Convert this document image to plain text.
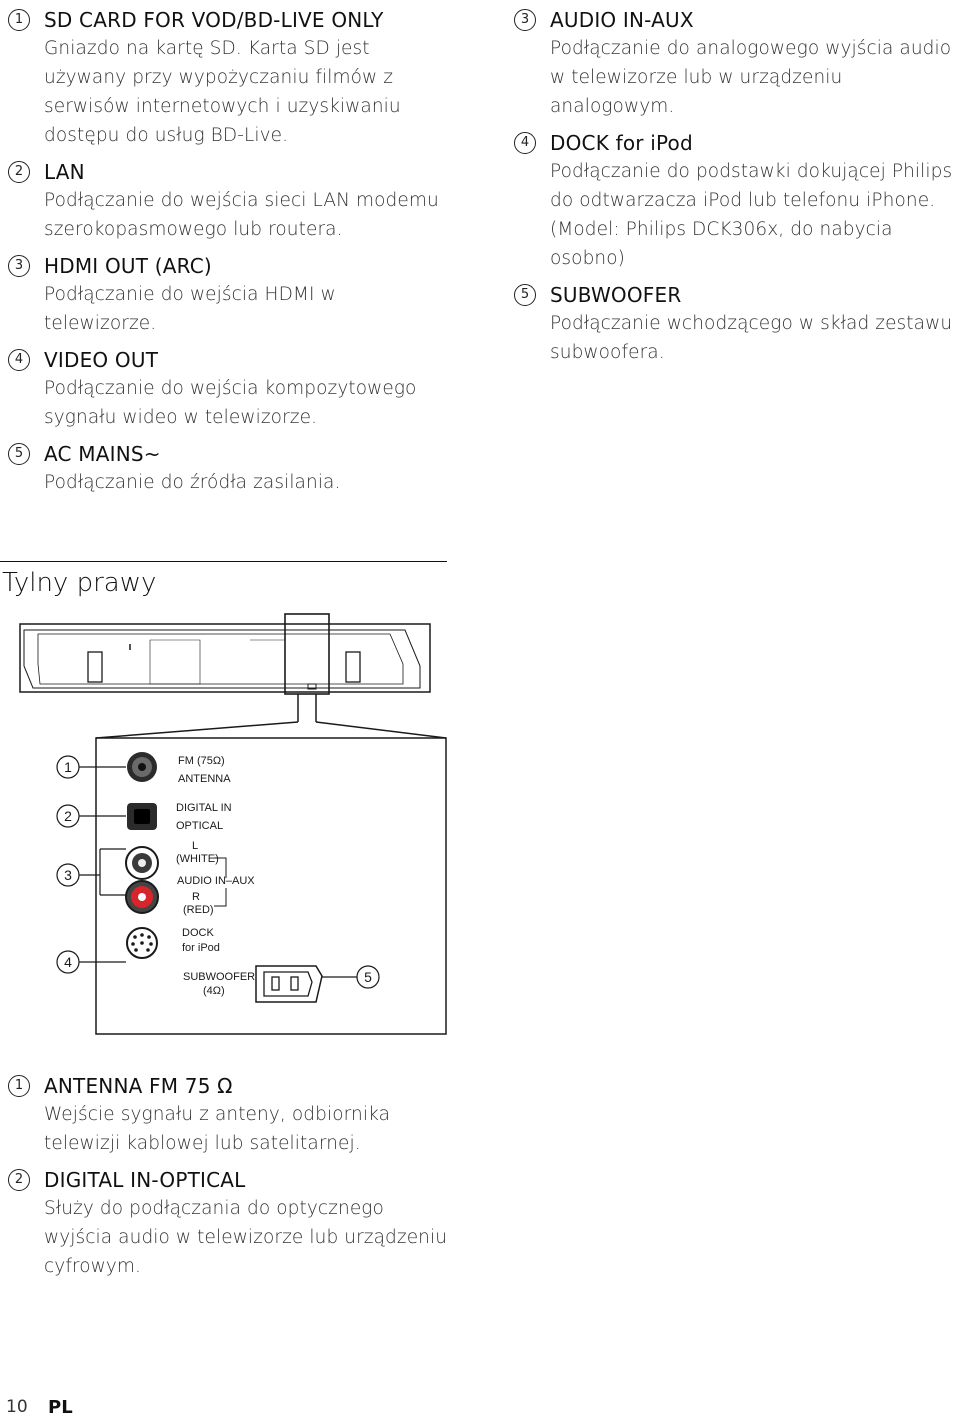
1	SD CARD FOR VOD/BD-LIVE ONLY
Gniazdo na kartę SD. Karta SD jest używany przy wypożyczaniu filmów z serwisów internetowych i uzyskiwaniu dostępu do usług BD-Live.
2	LAN
Podłączanie do wejścia sieci LAN modemu szerokopasmowego lub routera.
3	HDMI OUT (ARC)
Podłączanie do wejścia HDMI w telewizorze.
4	VIDEO OUT
Podłączanie do wejścia kompozytowego sygnału wideo w telewizorze.
5	AC MAINS~
Podłączanie do źródła zasilania.
3	AUDIO IN-AUX
Podłączanie do analogowego wyjścia audio w telewizorze lub w urządzeniu analogowym.
4	DOCK for iPod
Podłączanie do podstawki dokującej Philips do odtwarzacza iPod lub telefonu iPhone. (Model: Philips DCK306x, do nabycia osobno)
5	SUBWOOFER
Podłączanie wchodzącego w skład zestawu subwoofera.
Tylny prawy
1
2
3
4
5
FM (75Ω)
ANTENNA
DIGITAL IN
OPTICAL
L
(WHITE)
AUDIO IN–AUX
R
(RED)
DOCK
for iPod
SUBWOOFER
(4Ω)
1	ANTENNA FM 75 Ω
Wejście sygnału z anteny, odbiornika telewizji kablowej lub satelitarnej.
2	DIGITAL IN-OPTICAL
Służy do podłączania do optycznego wyjścia audio w telewizorze lub urządzeniu cyfrowym.
10 PL
